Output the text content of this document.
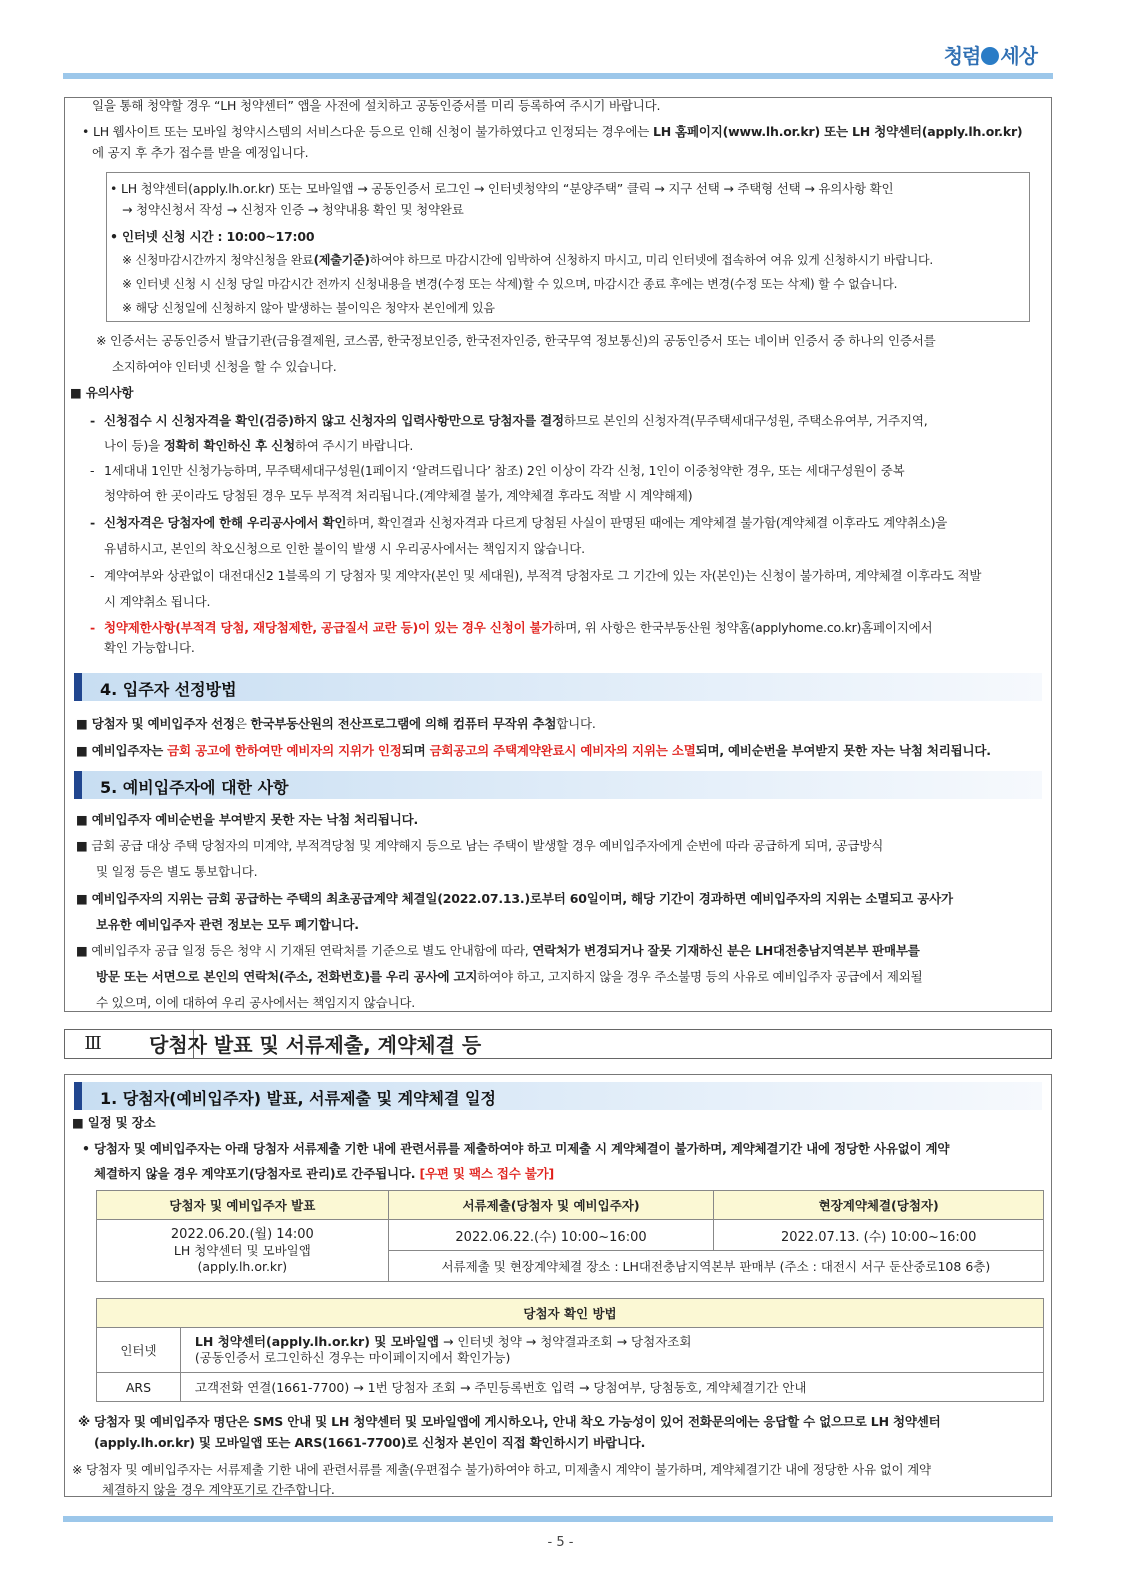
청렴 세상
일을 통해 청약할 경우 “LH 청약센터” 앱을 사전에 설치하고 공동인증서를 미리 등록하여 주시기 바랍니다.
• LH 웹사이트 또는 모바일 청약시스템의 서비스다운 등으로 인해 신청이 불가하였다고 인정되는 경우에는 LH 홈페이지(www.lh.or.kr) 또는 LH 청약센터(apply.lh.or.kr)
에 공지 후 추가 접수를 받을 예정입니다.
• LH 청약센터(apply.lh.or.kr) 또는 모바일앱 → 공동인증서 로그인 → 인터넷청약의 “분양주택” 클릭 → 지구 선택 → 주택형 선택 → 유의사항 확인
→ 청약신청서 작성 → 신청자 인증 → 청약내용 확인 및 청약완료
• 인터넷 신청 시간 : 10:00~17:00
※ 신청마감시간까지 청약신청을 완료(제출기준)하여야 하므로 마감시간에 임박하여 신청하지 마시고, 미리 인터넷에 접속하여 여유 있게 신청하시기 바랍니다.
※ 인터넷 신청 시 신청 당일 마감시간 전까지 신청내용을 변경(수정 또는 삭제)할 수 있으며, 마감시간 종료 후에는 변경(수정 또는 삭제) 할 수 없습니다.
※ 해당 신청일에 신청하지 않아 발생하는 불이익은 청약자 본인에게 있음
※ 인증서는 공동인증서 발급기관(금융결제원, 코스콤, 한국정보인증, 한국전자인증, 한국무역 정보통신)의 공동인증서 또는 네이버 인증서 중 하나의 인증서를
소지하여야 인터넷 신청을 할 수 있습니다.
■ 유의사항
- 신청접수 시 신청자격을 확인(검증)하지 않고 신청자의 입력사항만으로 당첨자를 결정하므로 본인의 신청자격(무주택세대구성원, 주택소유여부, 거주지역,
나이 등)을 정확히 확인하신 후 신청하여 주시기 바랍니다.
- 1세대내 1인만 신청가능하며, 무주택세대구성원(1페이지 ‘알려드립니다’ 참조) 2인 이상이 각각 신청, 1인이 이중청약한 경우, 또는 세대구성원이 중복
청약하여 한 곳이라도 당첨된 경우 모두 부적격 처리됩니다.(계약체결 불가, 계약체결 후라도 적발 시 계약해제)
- 신청자격은 당첨자에 한해 우리공사에서 확인하며, 확인결과 신청자격과 다르게 당첨된 사실이 판명된 때에는 계약체결 불가함(계약체결 이후라도 계약취소)을
유념하시고, 본인의 착오신청으로 인한 불이익 발생 시 우리공사에서는 책임지지 않습니다.
- 계약여부와 상관없이 대전대신2 1블록의 기 당첨자 및 계약자(본인 및 세대원), 부적격 당첨자로 그 기간에 있는 자(본인)는 신청이 불가하며, 계약체결 이후라도 적발
시 계약취소 됩니다.
- 청약제한사항(부적격 당첨, 재당첨제한, 공급질서 교란 등)이 있는 경우 신청이 불가하며, 위 사항은 한국부동산원 청약홈(applyhome.co.kr)홈페이지에서
확인 가능합니다.
4. 입주자 선정방법
■ 당첨자 및 예비입주자 선정은 한국부동산원의 전산프로그램에 의해 컴퓨터 무작위 추첨합니다.
■ 예비입주자는 금회 공고에 한하여만 예비자의 지위가 인정되며 금회공고의 주택계약완료시 예비자의 지위는 소멸되며, 예비순번을 부여받지 못한 자는 낙첨 처리됩니다.
5. 예비입주자에 대한 사항
■ 예비입주자 예비순번을 부여받지 못한 자는 낙첨 처리됩니다.
■ 금회 공급 대상 주택 당첨자의 미계약, 부적격당첨 및 계약해지 등으로 남는 주택이 발생할 경우 예비입주자에게 순번에 따라 공급하게 되며, 공급방식
및 일정 등은 별도 통보합니다.
■ 예비입주자의 지위는 금회 공급하는 주택의 최초공급계약 체결일(2022.07.13.)로부터 60일이며, 해당 기간이 경과하면 예비입주자의 지위는 소멸되고 공사가
보유한 예비입주자 관련 정보는 모두 폐기합니다.
■ 예비입주자 공급 일정 등은 청약 시 기재된 연락처를 기준으로 별도 안내함에 따라, 연락처가 변경되거나 잘못 기재하신 분은 LH대전충남지역본부 판매부를
방문 또는 서면으로 본인의 연락처(주소, 전화번호)를 우리 공사에 고지하여야 하고, 고지하지 않을 경우 주소불명 등의 사유로 예비입주자 공급에서 제외될
수 있으며, 이에 대하여 우리 공사에서는 책임지지 않습니다.
Ⅲ	당첨자 발표 및 서류제출, 계약체결 등
1. 당첨자(예비입주자) 발표, 서류제출 및 계약체결 일정
■ 일정 및 장소
• 당첨자 및 예비입주자는 아래 당첨자 서류제출 기한 내에 관련서류를 제출하여야 하고 미제출 시 계약체결이 불가하며, 계약체결기간 내에 정당한 사유없이 계약
체결하지 않을 경우 계약포기(당첨자로 관리)로 간주됩니다. [우편 및 팩스 접수 불가]
당첨자 및 예비입주자 발표	서류제출(당첨자 및 예비입주자)	현장계약체결(당첨자)

2022.06.20.(월) 14:00
LH 청약센터 및 모바일앱
(apply.lh.or.kr)	2022.06.22.(수) 10:00~16:00	2022.07.13. (수) 10:00~16:00
	서류제출 및 현장계약체결 장소 : LH대전충남지역본부 판매부 (주소 : 대전시 서구 둔산중로108 6층)	
당첨자 확인 방법	
인터넷	LH 청약센터(apply.lh.or.kr) 및 모바일앱 → 인터넷 청약 → 청약결과조회 → 당첨자조회
(공동인증서 로그인하신 경우는 마이페이지에서 확인가능)

ARS	고객전화 연결(1661-7700) → 1번 당첨자 조회 → 주민등록번호 입력 → 당첨여부, 당첨동호, 계약체결기간 안내
※ 당첨자 및 예비입주자 명단은 SMS 안내 및 LH 청약센터 및 모바일앱에 게시하오나, 안내 착오 가능성이 있어 전화문의에는 응답할 수 없으므로 LH 청약센터
(apply.lh.or.kr) 및 모바일앱 또는 ARS(1661-7700)로 신청자 본인이 직접 확인하시기 바랍니다.
※ 당첨자 및 예비입주자는 서류제출 기한 내에 관련서류를 제출(우편접수 불가)하여야 하고, 미제출시 계약이 불가하며, 계약체결기간 내에 정당한 사유 없이 계약
체결하지 않을 경우 계약포기로 간주합니다.
- 5 -
